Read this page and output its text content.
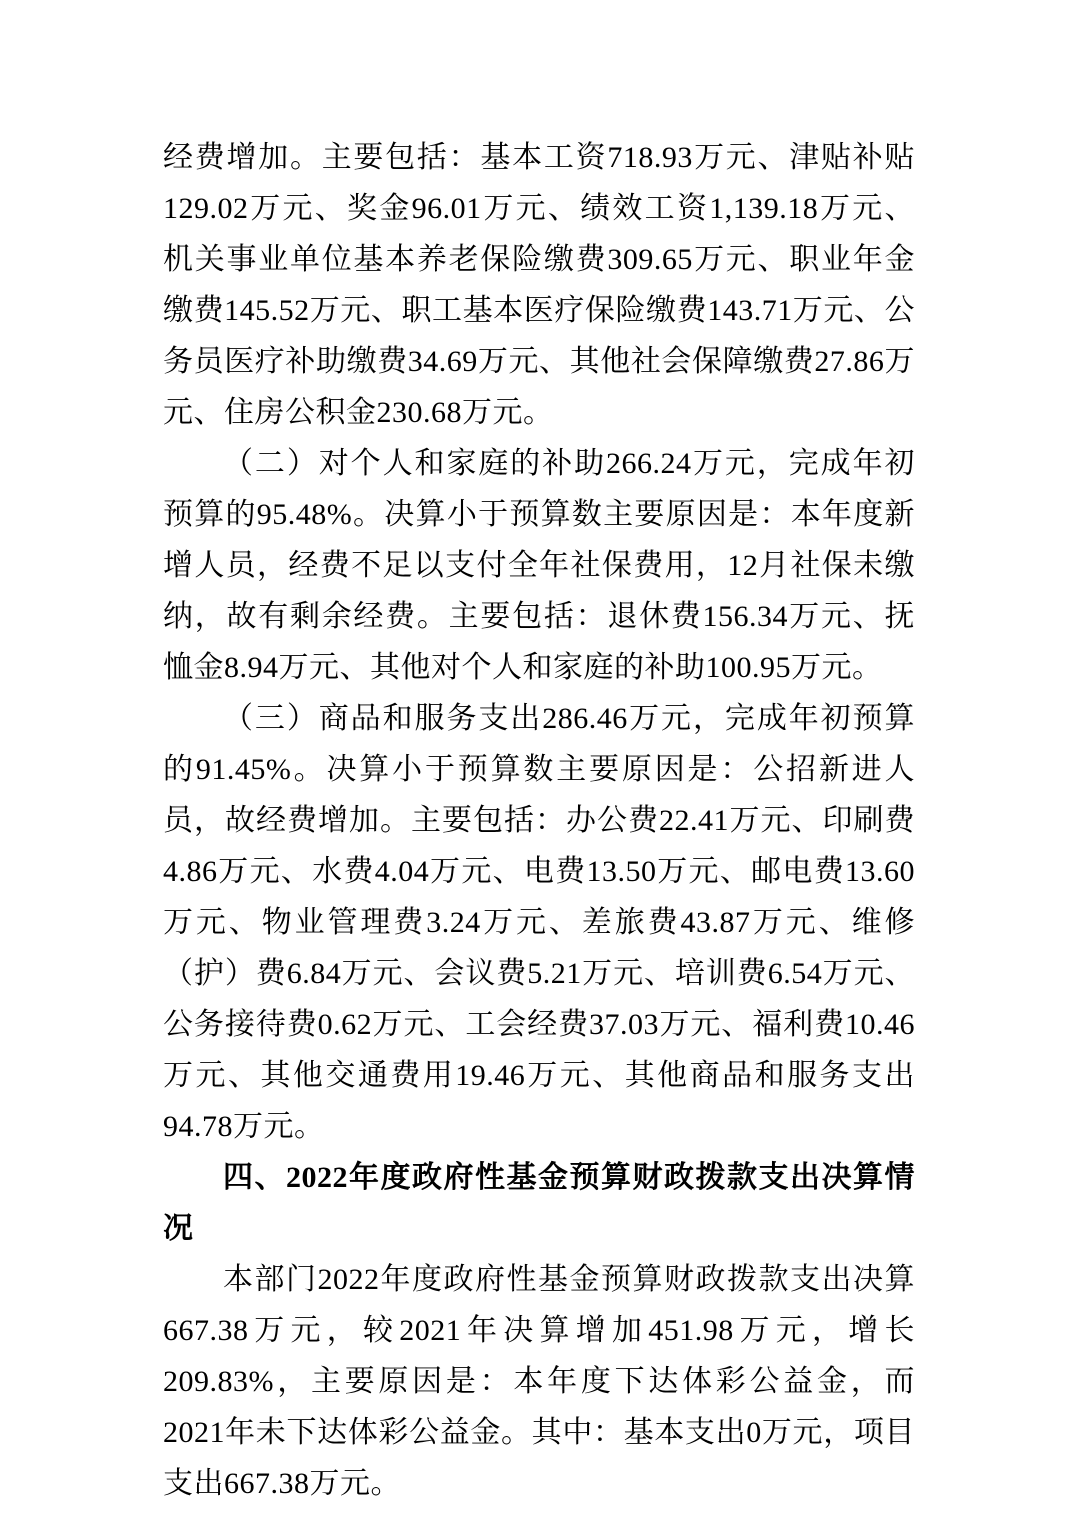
经费增加。主要包括：基本工资718.93万元、津贴补贴129.02万元、奖金96.01万元、绩效工资1,139.18万元、机关事业单位基本养老保险缴费309.65万元、职业年金缴费145.52万元、职工基本医疗保险缴费143.71万元、公务员医疗补助缴费34.69万元、其他社会保障缴费27.86万元、住房公积金230.68万元。

（二）对个人和家庭的补助266.24万元，完成年初预算的95.48%。决算小于预算数主要原因是：本年度新增人员，经费不足以支付全年社保费用，12月社保未缴纳，故有剩余经费。主要包括：退休费156.34万元、抚恤金8.94万元、其他对个人和家庭的补助100.95万元。

（三）商品和服务支出286.46万元，完成年初预算的91.45%。决算小于预算数主要原因是：公招新进人员，故经费增加。主要包括：办公费22.41万元、印刷费4.86万元、水费4.04万元、电费13.50万元、邮电费13.60万元、物业管理费3.24万元、差旅费43.87万元、维修（护）费6.84万元、会议费5.21万元、培训费6.54万元、公务接待费0.62万元、工会经费37.03万元、福利费10.46万元、其他交通费用19.46万元、其他商品和服务支出94.78万元。

四、2022年度政府性基金预算财政拨款支出决算情况

本部门2022年度政府性基金预算财政拨款支出决算667.38万元，较2021年决算增加451.98万元，增长209.83%，主要原因是：本年度下达体彩公益金，而2021年未下达体彩公益金。其中：基本支出0万元，项目支出667.38万元。
